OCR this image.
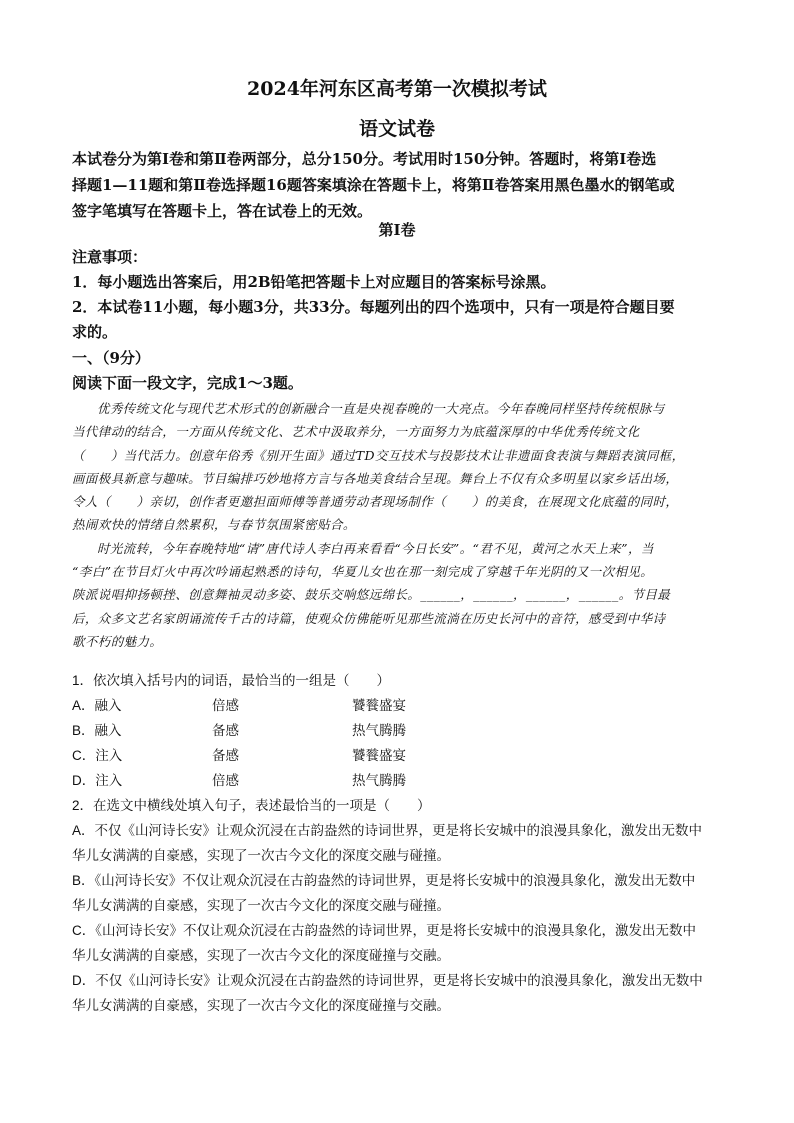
2024年河东区高考第一次模拟考试
语文试卷
本试卷分为第Ⅰ卷和第Ⅱ卷两部分，总分150分。考试用时150分钟。答题时，将第Ⅰ卷选
择题1—11题和第Ⅱ卷选择题16题答案填涂在答题卡上，将第Ⅱ卷答案用黑色墨水的钢笔或
签字笔填写在答题卡上，答在试卷上的无效。
第Ⅰ卷
注意事项：
1．每小题选出答案后，用2B铅笔把答题卡上对应题目的答案标号涂黑。
2．本试卷11小题，每小题3分，共33分。每题列出的四个选项中，只有一项是符合题目要
求的。
一、（9分）
阅读下面一段文字，完成1～3题。

优秀传统文化与现代艺术形式的创新融合一直是央视春晚的一大亮点。今年春晚同样坚持传统根脉与

当代律动的结合，一方面从传统文化、艺术中汲取养分，一方面努力为底蕴深厚的中华优秀传统文化

（　　）当代活力。创意年俗秀《别开生面》通过TD交互技术与投影技术让非遗面食表演与舞蹈表演同框，

画面极具新意与趣味。节目编排巧妙地将方言与各地美食结合呈现。舞台上不仅有众多明星以家乡话出场，

令人（　　）亲切，创作者更邀担面师傅等普通劳动者现场制作（　　）的美食，在展现文化底蕴的同时，

热闹欢快的情绪自然累积，与春节氛围紧密贴合。

时光流转，今年春晚特地“请”唐代诗人李白再来看看“今日长安”。“君不见，黄河之水天上来”，当

“李白”在节目灯火中再次吟诵起熟悉的诗句，华夏儿女也在那一刻完成了穿越千年光阴的又一次相见。

陕派说唱抑扬顿挫、创意舞袖灵动多姿、鼓乐交响悠远绵长。______，______，______，______。节目最

后，众多文艺名家朗诵流传千古的诗篇，使观众仿佛能听见那些流淌在历史长河中的音符，感受到中华诗

歌不朽的魅力。

1．依次填入括号内的词语，最恰当的一组是（　　）
A．融入	倍感	饕餮盛宴
B．融入	备感	热气腾腾
C．注入	备感	饕餮盛宴
D．注入	倍感	热气腾腾
2．在选文中横线处填入句子，表述最恰当的一项是（　　）
A．不仅《山河诗长安》让观众沉浸在古韵盎然的诗词世界，更是将长安城中的浪漫具象化，激发出无数中
华儿女满满的自豪感，实现了一次古今文化的深度交融与碰撞。
B．《山河诗长安》不仅让观众沉浸在古韵盎然的诗词世界，更是将长安城中的浪漫具象化，激发出无数中
华儿女满满的自豪感，实现了一次古今文化的深度交融与碰撞。
C．《山河诗长安》不仅让观众沉浸在古韵盎然的诗词世界，更是将长安城中的浪漫具象化，激发出无数中
华儿女满满的自豪感，实现了一次古今文化的深度碰撞与交融。
D．不仅《山河诗长安》让观众沉浸在古韵盎然的诗词世界，更是将长安城中的浪漫具象化，激发出无数中
华儿女满满的自豪感，实现了一次古今文化的深度碰撞与交融。
